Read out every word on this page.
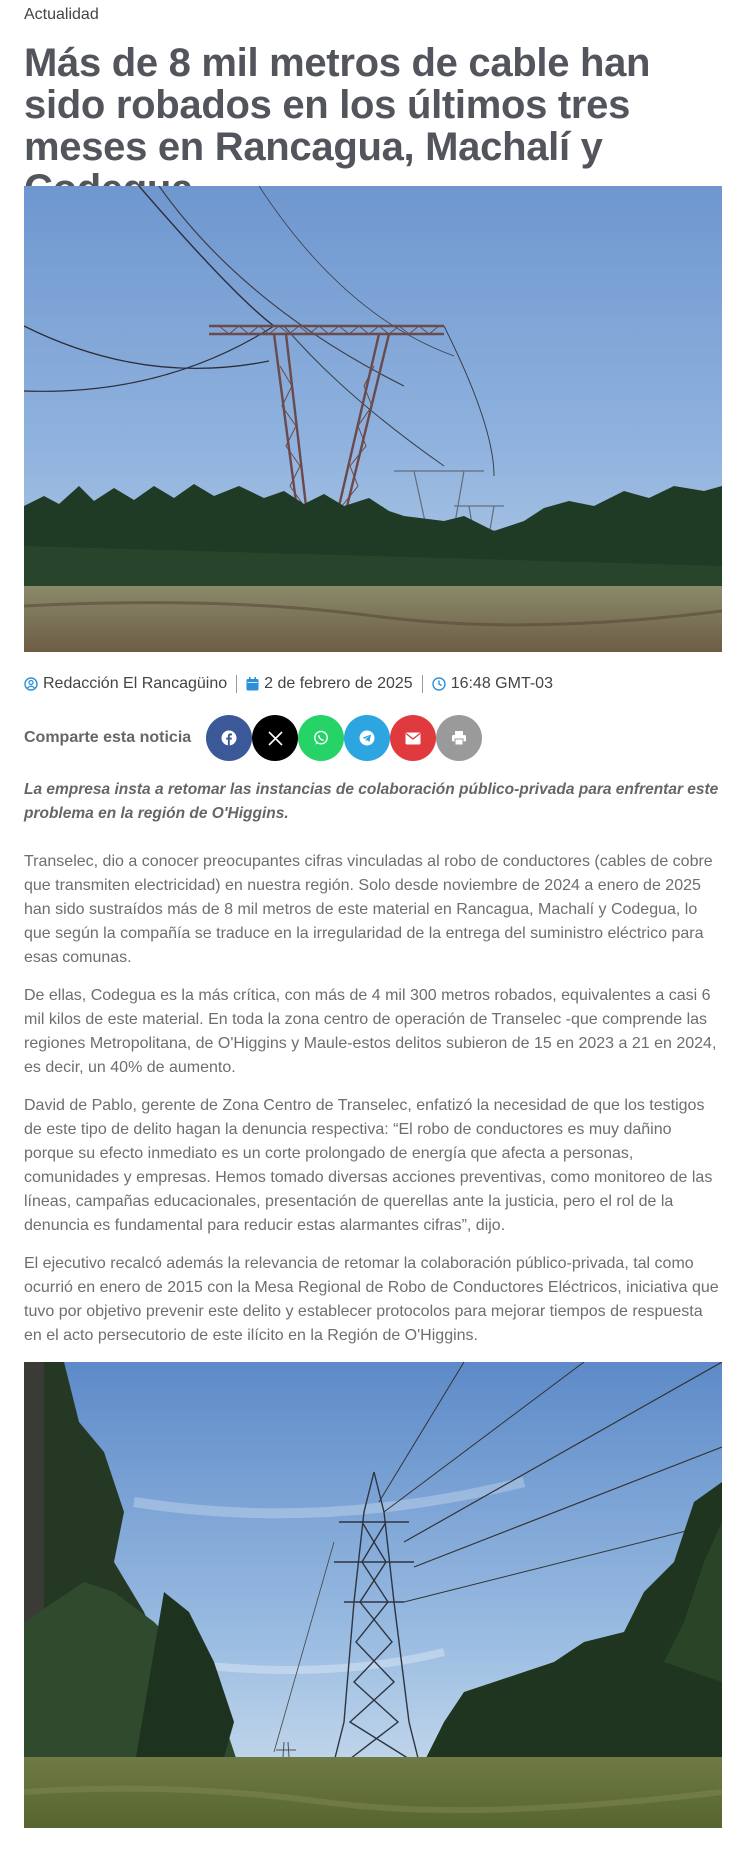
Actualidad
Más de 8 mil metros de cable han sido robados en los últimos tres meses en Rancagua, Machalí y
Redacción El Rancagüino 2 de febrero de 2025 16:48 GMT-03
Comparte esta noticia

La empresa insta a retomar las instancias de colaboración público-privada para enfrentar este problema en la región de O'Higgins.

Transelec, dio a conocer preocupantes cifras vinculadas al robo de conductores (cables de cobre que transmiten electricidad) en nuestra región. Solo desde noviembre de 2024 a enero de 2025 han sido sustraídos más de 8 mil metros de este material en Rancagua, Machalí y Codegua, lo que según la compañía se traduce en la irregularidad de la entrega del suministro eléctrico para esas comunas.

De ellas, Codegua es la más crítica, con más de 4 mil 300 metros robados, equivalentes a casi 6 mil kilos de este material. En toda la zona centro de operación de Transelec -que comprende las regiones Metropolitana, de O'Higgins y Maule-estos delitos subieron de 15 en 2023 a 21 en 2024, es decir, un 40% de aumento.

David de Pablo, gerente de Zona Centro de Transelec, enfatizó la necesidad de que los testigos de este tipo de delito hagan la denuncia respectiva: “El robo de conductores es muy dañino porque su efecto inmediato es un corte prolongado de energía que afecta a personas, comunidades y empresas. Hemos tomado diversas acciones preventivas, como monitoreo de las líneas, campañas educacionales, presentación de querellas ante la justicia, pero el rol de la denuncia es fundamental para reducir estas alarmantes cifras”, dijo.

El ejecutivo recalcó además la relevancia de retomar la colaboración público-privada, tal como ocurrió en enero de 2015 con la Mesa Regional de Robo de Conductores Eléctricos, iniciativa que tuvo por objetivo prevenir este delito y establecer protocolos para mejorar tiempos de respuesta en el acto persecutorio de este ilícito en la Región de O'Higgins.
